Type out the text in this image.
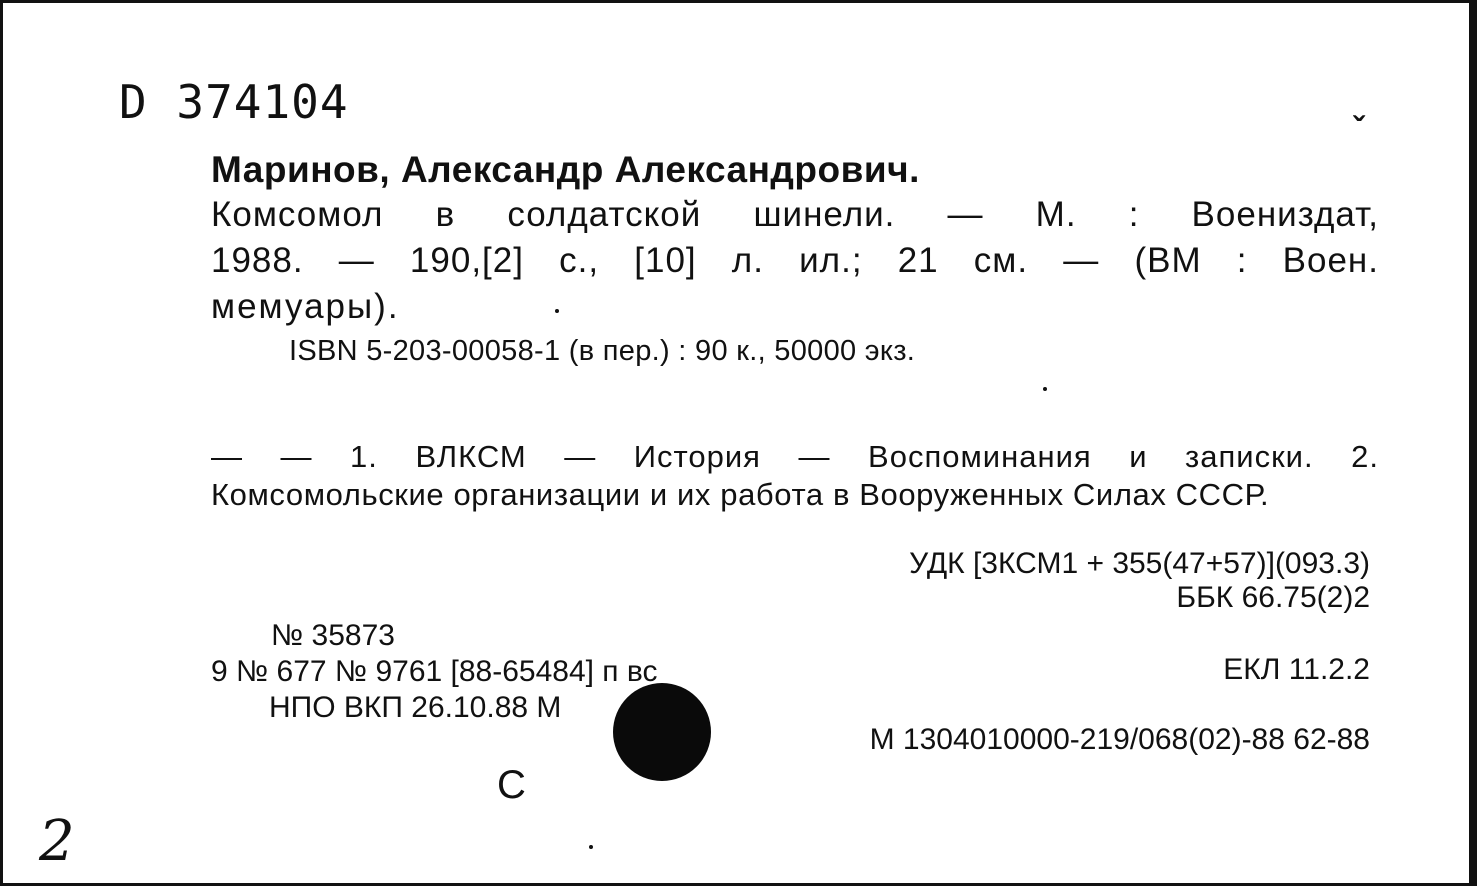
D 374104
ˇ
Маринов, Александр Александрович.
Комсомол в солдатской шинели. — М. : Воениздат,
1988. — 190,[2] с., [10] л. ил.; 21 см. — (ВМ : Воен.
мемуары).
ISBN 5-203-00058-1 (в пер.) : 90 к., 50000 экз.
— — 1. ВЛКСМ — История — Воспоминания и записки. 2.
Комсомольские организации и их работа в Вооруженных Силах СССР.
УДК [3КСМ1 + 355(47+57)](093.3)
ББК 66.75(2)2
№ 35873
9 № 677 № 9761 [88-65484] п вс
НПО ВКП 26.10.88 М
ЕКЛ 11.2.2
М 1304010000-219/068(02)-88 62-88
С
2
